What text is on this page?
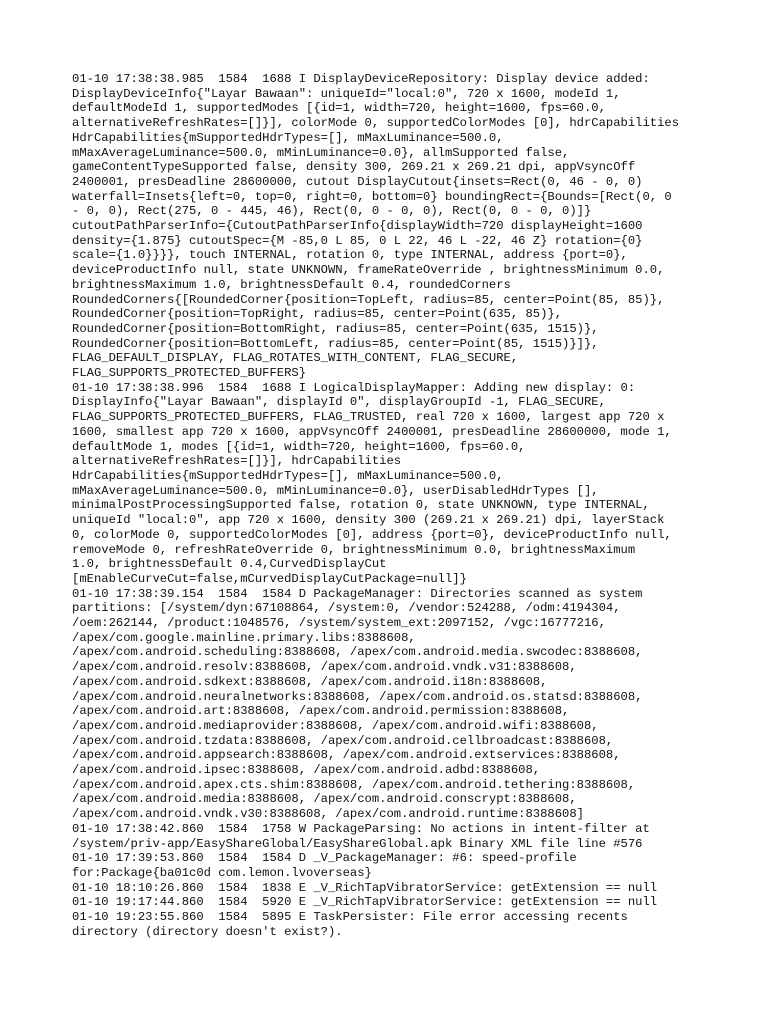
01-10 17:38:38.985  1584  1688 I DisplayDeviceRepository: Display device added:
DisplayDeviceInfo{"Layar Bawaan": uniqueId="local:0", 720 x 1600, modeId 1,
defaultModeId 1, supportedModes [{id=1, width=720, height=1600, fps=60.0,
alternativeRefreshRates=[]}], colorMode 0, supportedColorModes [0], hdrCapabilities
HdrCapabilities{mSupportedHdrTypes=[], mMaxLuminance=500.0,
mMaxAverageLuminance=500.0, mMinLuminance=0.0}, allmSupported false,
gameContentTypeSupported false, density 300, 269.21 x 269.21 dpi, appVsyncOff
2400001, presDeadline 28600000, cutout DisplayCutout{insets=Rect(0, 46 - 0, 0)
waterfall=Insets{left=0, top=0, right=0, bottom=0} boundingRect={Bounds=[Rect(0, 0
- 0, 0), Rect(275, 0 - 445, 46), Rect(0, 0 - 0, 0), Rect(0, 0 - 0, 0)]}
cutoutPathParserInfo={CutoutPathParserInfo{displayWidth=720 displayHeight=1600
density={1.875} cutoutSpec={M -85,0 L 85, 0 L 22, 46 L -22, 46 Z} rotation={0}
scale={1.0}}}}, touch INTERNAL, rotation 0, type INTERNAL, address {port=0},
deviceProductInfo null, state UNKNOWN, frameRateOverride , brightnessMinimum 0.0,
brightnessMaximum 1.0, brightnessDefault 0.4, roundedCorners
RoundedCorners{[RoundedCorner{position=TopLeft, radius=85, center=Point(85, 85)},
RoundedCorner{position=TopRight, radius=85, center=Point(635, 85)},
RoundedCorner{position=BottomRight, radius=85, center=Point(635, 1515)},
RoundedCorner{position=BottomLeft, radius=85, center=Point(85, 1515)}]},
FLAG_DEFAULT_DISPLAY, FLAG_ROTATES_WITH_CONTENT, FLAG_SECURE,
FLAG_SUPPORTS_PROTECTED_BUFFERS}
01-10 17:38:38.996  1584  1688 I LogicalDisplayMapper: Adding new display: 0:
DisplayInfo{"Layar Bawaan", displayId 0", displayGroupId -1, FLAG_SECURE,
FLAG_SUPPORTS_PROTECTED_BUFFERS, FLAG_TRUSTED, real 720 x 1600, largest app 720 x
1600, smallest app 720 x 1600, appVsyncOff 2400001, presDeadline 28600000, mode 1,
defaultMode 1, modes [{id=1, width=720, height=1600, fps=60.0,
alternativeRefreshRates=[]}], hdrCapabilities
HdrCapabilities{mSupportedHdrTypes=[], mMaxLuminance=500.0,
mMaxAverageLuminance=500.0, mMinLuminance=0.0}, userDisabledHdrTypes [],
minimalPostProcessingSupported false, rotation 0, state UNKNOWN, type INTERNAL,
uniqueId "local:0", app 720 x 1600, density 300 (269.21 x 269.21) dpi, layerStack
0, colorMode 0, supportedColorModes [0], address {port=0}, deviceProductInfo null,
removeMode 0, refreshRateOverride 0, brightnessMinimum 0.0, brightnessMaximum
1.0, brightnessDefault 0.4,CurvedDisplayCut
[mEnableCurveCut=false,mCurvedDisplayCutPackage=null]}
01-10 17:38:39.154  1584  1584 D PackageManager: Directories scanned as system
partitions: [/system/dyn:67108864, /system:0, /vendor:524288, /odm:4194304,
/oem:262144, /product:1048576, /system/system_ext:2097152, /vgc:16777216,
/apex/com.google.mainline.primary.libs:8388608,
/apex/com.android.scheduling:8388608, /apex/com.android.media.swcodec:8388608,
/apex/com.android.resolv:8388608, /apex/com.android.vndk.v31:8388608,
/apex/com.android.sdkext:8388608, /apex/com.android.i18n:8388608,
/apex/com.android.neuralnetworks:8388608, /apex/com.android.os.statsd:8388608,
/apex/com.android.art:8388608, /apex/com.android.permission:8388608,
/apex/com.android.mediaprovider:8388608, /apex/com.android.wifi:8388608,
/apex/com.android.tzdata:8388608, /apex/com.android.cellbroadcast:8388608,
/apex/com.android.appsearch:8388608, /apex/com.android.extservices:8388608,
/apex/com.android.ipsec:8388608, /apex/com.android.adbd:8388608,
/apex/com.android.apex.cts.shim:8388608, /apex/com.android.tethering:8388608,
/apex/com.android.media:8388608, /apex/com.android.conscrypt:8388608,
/apex/com.android.vndk.v30:8388608, /apex/com.android.runtime:8388608]
01-10 17:38:42.860  1584  1758 W PackageParsing: No actions in intent-filter at
/system/priv-app/EasyShareGlobal/EasyShareGlobal.apk Binary XML file line #576
01-10 17:39:53.860  1584  1584 D _V_PackageManager: #6: speed-profile
for:Package{ba01c0d com.lemon.lvoverseas}
01-10 18:10:26.860  1584  1838 E _V_RichTapVibratorService: getExtension == null
01-10 19:17:44.860  1584  5920 E _V_RichTapVibratorService: getExtension == null
01-10 19:23:55.860  1584  5895 E TaskPersister: File error accessing recents
directory (directory doesn't exist?).
